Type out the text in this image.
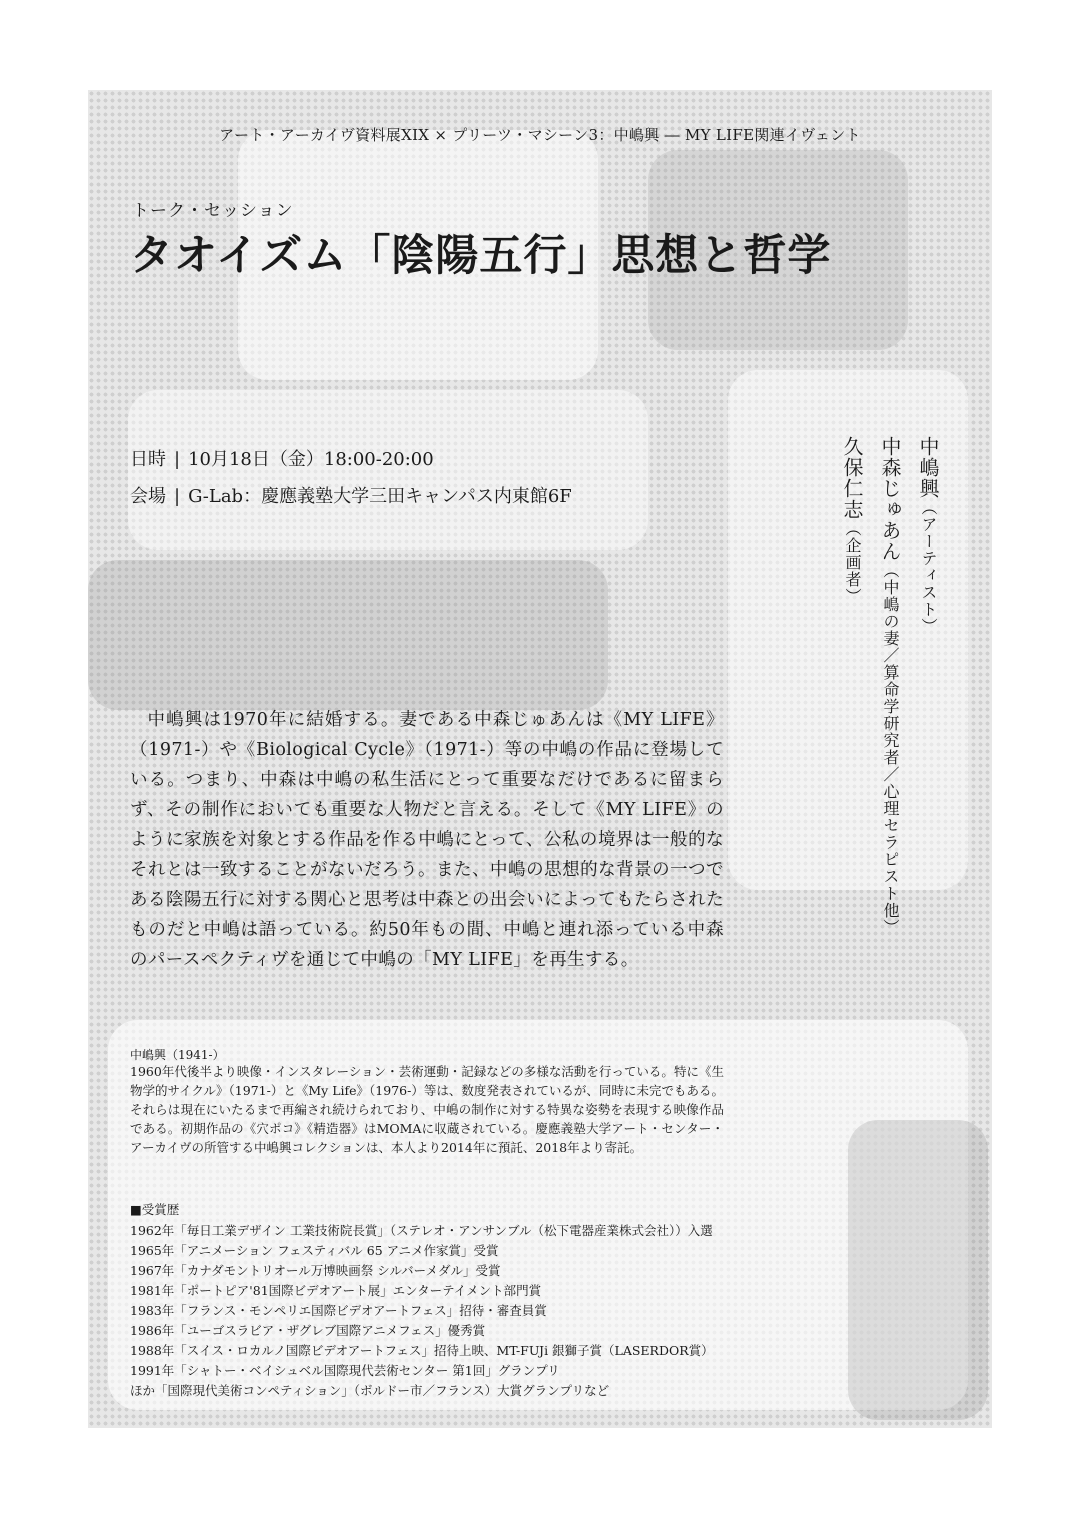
アート・アーカイヴ資料展XIX × プリーツ・マシーン3：中嶋興 ― MY LIFE関連イヴェント

トーク・セッション

タオイズム「陰陽五行」思想と哲学

日時 | 10月18日（金）18:00-20:00

会場 | G-Lab：慶應義塾大学三田キャンパス内東館6F	中嶋興（アーティスト）
中森じゅあん（中嶋の妻／算命学研究者／心理セラピスト他）
久保仁志（企画者）

中嶋興は1970年に結婚する。妻である中森じゅあんは《MY LIFE》（1971-）や《Biological Cycle》（1971-）等の中嶋の作品に登場している。つまり、中森は中嶋の私生活にとって重要なだけであるに留まらず、その制作においても重要な人物だと言える。そして《MY LIFE》のように家族を対象とする作品を作る中嶋にとって、公私の境界は一般的なそれとは一致することがないだろう。また、中嶋の思想的な背景の一つである陰陽五行に対する関心と思考は中森との出会いによってもたらされたものだと中嶋は語っている。約50年もの間、中嶋と連れ添っている中森のパースペクティヴを通じて中嶋の「MY LIFE」を再生する。

中嶋興（1941-）

1960年代後半より映像・インスタレーション・芸術運動・記録などの多様な活動を行っている。特に《生物学的サイクル》（1971-）と《My Life》（1976-）等は、数度発表されているが、同時に未完でもある。それらは現在にいたるまで再編され続けられており、中嶋の制作に対する特異な姿勢を表現する映像作品である。初期作品の《穴ポコ》《精造器》はMOMAに収蔵されている。慶應義塾大学アート・センター・アーカイヴの所管する中嶋興コレクションは、本人より2014年に預託、2018年より寄託。

■受賞歴

1962年「毎日工業デザイン 工業技術院長賞」（ステレオ・アンサンブル（松下電器産業株式会社））入選

1965年「アニメーション フェスティバル 65 アニメ作家賞」受賞

1967年「カナダモントリオール万博映画祭 シルバーメダル」受賞

1981年「ポートピア'81国際ビデオアート展」エンターテイメント部門賞

1983年「フランス・モンペリエ国際ビデオアートフェス」招待・審査員賞

1986年「ユーゴスラビア・ザグレブ国際アニメフェス」優秀賞

1988年「スイス・ロカルノ国際ビデオアートフェス」招待上映、MT-FUJi 銀獅子賞（LASERDOR賞）

1991年「シャトー・ベイシュベル国際現代芸術センター 第1回」グランプリ

ほか「国際現代美術コンペティション」（ボルドー市／フランス）大賞グランプリなど
